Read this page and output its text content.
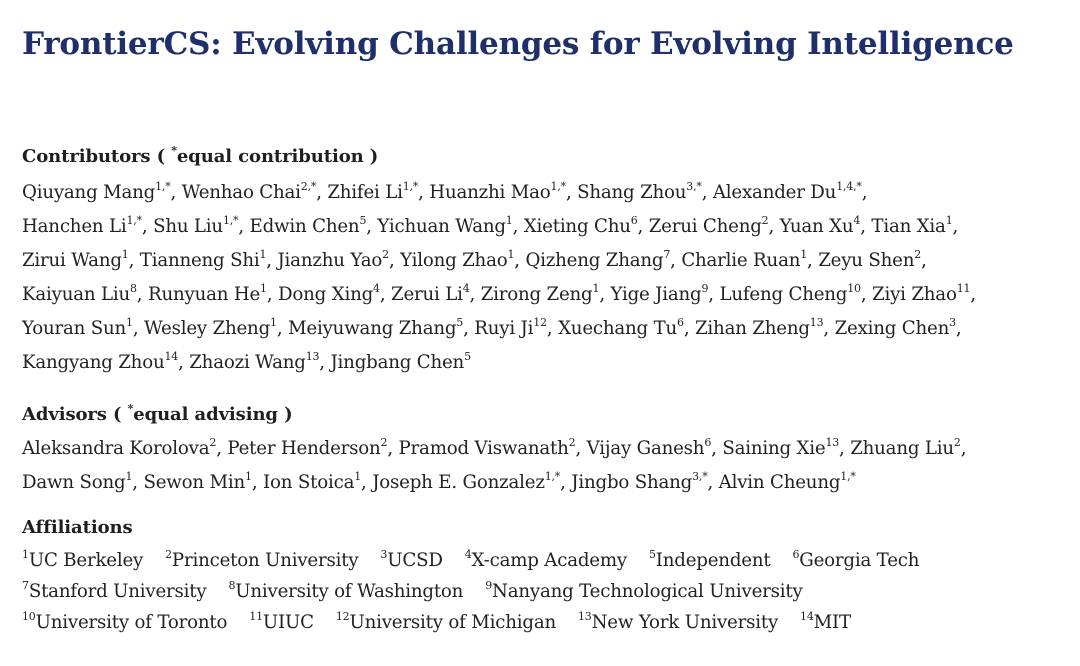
FrontierCS: Evolving Challenges for Evolving Intelligence
Contributors ( *equal contribution )
Qiuyang Mang$^{1,*}$, Wenhao Chai$^{2,*}$, Zhifei $Li^{1,*}$, Huanzhi Mao$^{1,*}$, Shang Zhou$^{3,*}$, Alexander $Du^{1,4,*}$,
Hanchen $Li^{1,*}$, Shu Liu$^{1,*}$, Edwin Chen$^5$, Yichuan Wang$^1$, Xieting Chu$^6$, Zerui Cheng$^2$, Yuan Xu$^4$, Tian Xia$^1$,
Zirui Wang$^1$, Tianneng Shi$^1$, Jianzhu Yao$^2$, Yilong Zhao$^1$, Qizheng Zhang$^7$, Charlie Ruan$^1$, Zeyu Shen$^2$,
Kaiyuan Liu$^8$, Runyuan He$^1$, Dong Xing$^4$, Zerui Li$^4$, Zirong Zeng$^1$, Yige Jiang$^9$, Lufeng Cheng$^{10}$, Ziyi Zhao$^{11}$,
Youran Sun$^1$, Wesley Zheng$^1$, Meiyuwang Zhang$^5$, Ruyi Ji$^{12}$, Xuechang Tu$^6$, Zihan Zheng$^{13}$, Zexing Chen$^3$,
Kangyang Zhou$^{14}$, Zhaozi Wang$^{13}$, Jingbang Chen$^5$
Advisors ( *equal advising )
Aleksandra Korolova$^2$, Peter Henderson$^2$, Pramod Viswanath$^2$, Vijay Ganesh$^6$, Saining Xie$^{13}$, Zhuang Liu$^2$,
Dawn Song$^1$, Sewon Min$^1$, Ion Stoica$^1$, Joseph E. Gonzalez$^{1,*}$, Jingbo Shang$^{3,*}$, Alvin Cheung$^{1,*}$
Affiliations
$^1$UC Berkeley $^2$Princeton University $^3$UCSD $^4$X-camp Academy $^5$Independent $^6$Georgia Tech
$^7$Stanford University $^8$University of Washington $^9$Nanyang Technological University
$^{10}$University of Toronto $^{11}$UIUC $^{12}$University of Michigan $^{13}$New York University $^{14}$MIT
